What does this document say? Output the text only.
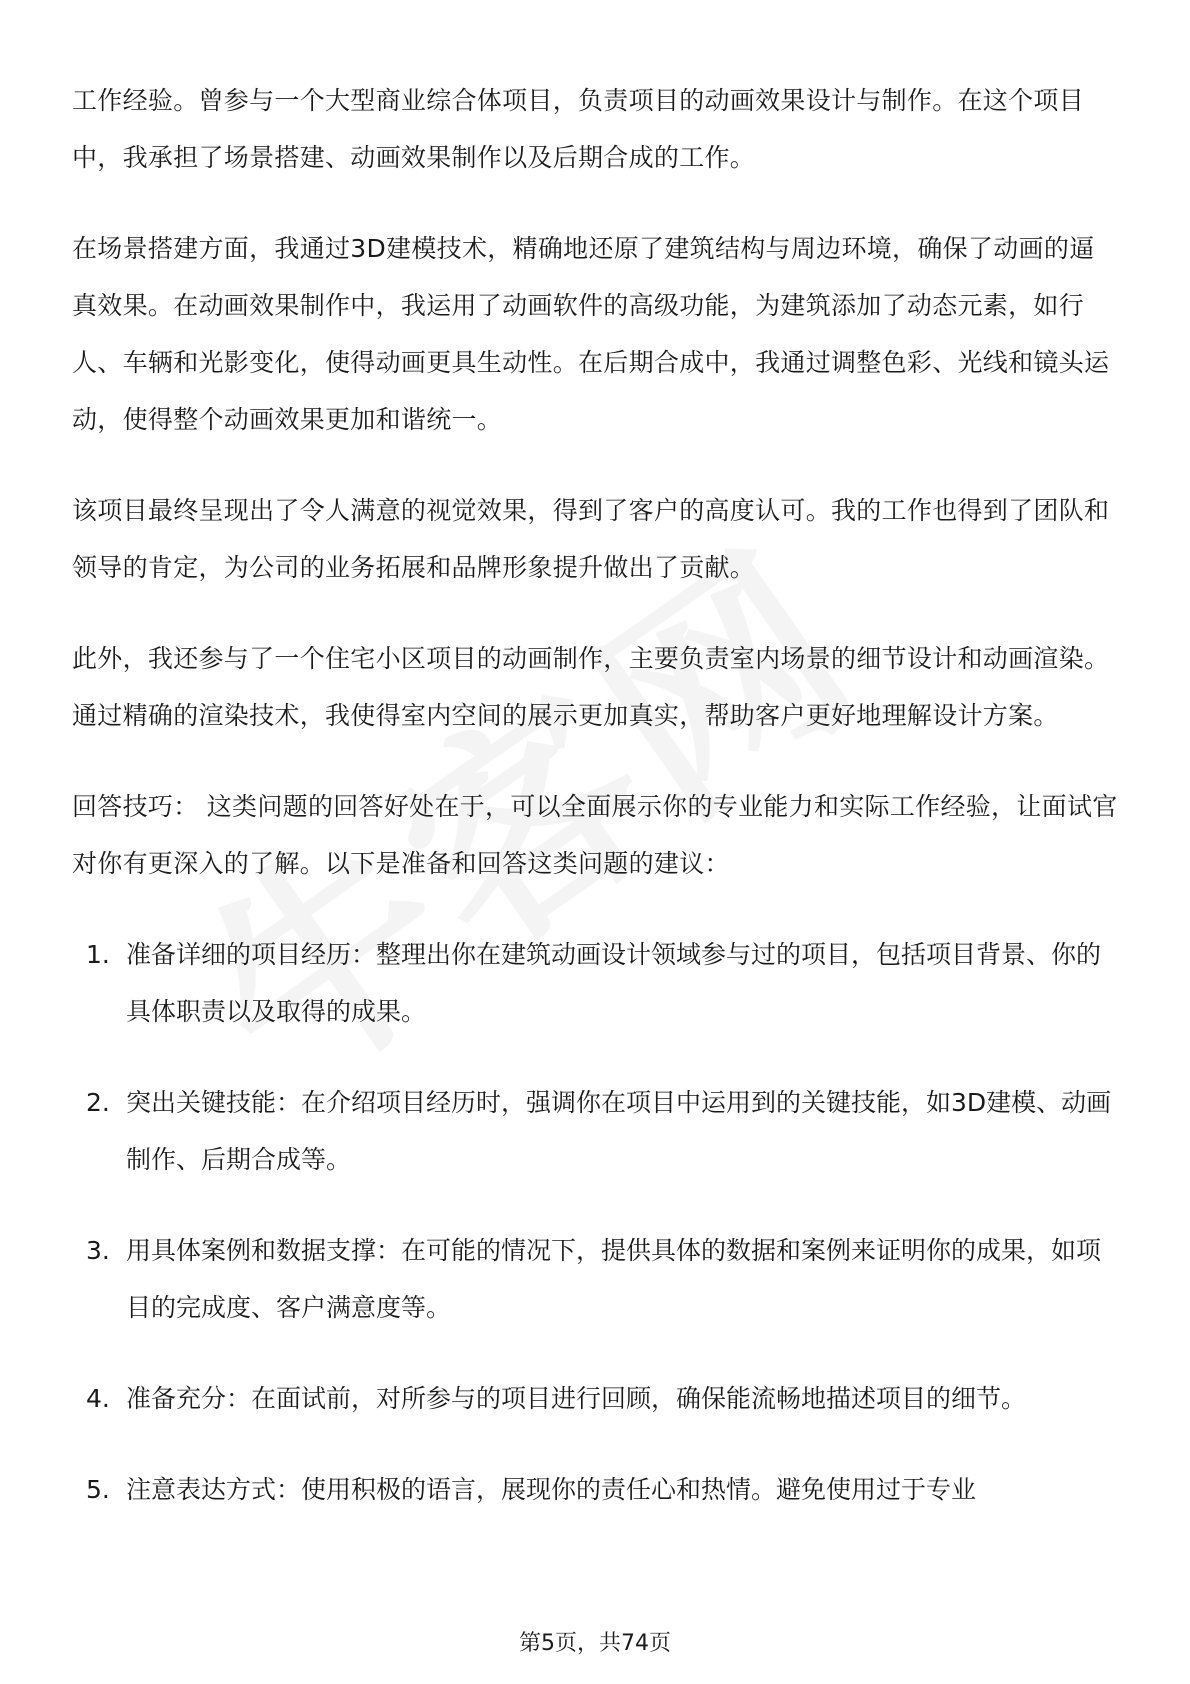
工作经验。曾参与一个大型商业综合体项目，负责项目的动画效果设计与制作。在这个项目中，我承担了场景搭建、动画效果制作以及后期合成的工作。

在场景搭建方面，我通过3D建模技术，精确地还原了建筑结构与周边环境，确保了动画的逼真效果。在动画效果制作中，我运用了动画软件的高级功能，为建筑添加了动态元素，如行人、车辆和光影变化，使得动画更具生动性。在后期合成中，我通过调整色彩、光线和镜头运动，使得整个动画效果更加和谐统一。

该项目最终呈现出了令人满意的视觉效果，得到了客户的高度认可。我的工作也得到了团队和领导的肯定，为公司的业务拓展和品牌形象提升做出了贡献。

此外，我还参与了一个住宅小区项目的动画制作，主要负责室内场景的细节设计和动画渲染。通过精确的渲染技术，我使得室内空间的展示更加真实，帮助客户更好地理解设计方案。

回答技巧： 这类问题的回答好处在于，可以全面展示你的专业能力和实际工作经验，让面试官对你有更深入的了解。以下是准备和回答这类问题的建议：

1. 准备详细的项目经历：整理出你在建筑动画设计领域参与过的项目，包括项目背景、你的具体职责以及取得的成果。
2. 突出关键技能：在介绍项目经历时，强调你在项目中运用到的关键技能，如3D建模、动画制作、后期合成等。
3. 用具体案例和数据支撑：在可能的情况下，提供具体的数据和案例来证明你的成果，如项目的完成度、客户满意度等。
4. 准备充分：在面试前，对所参与的项目进行回顾，确保能流畅地描述项目的细节。
5. 注意表达方式：使用积极的语言，展现你的责任心和热情。避免使用过于专业
第5页，共74页
